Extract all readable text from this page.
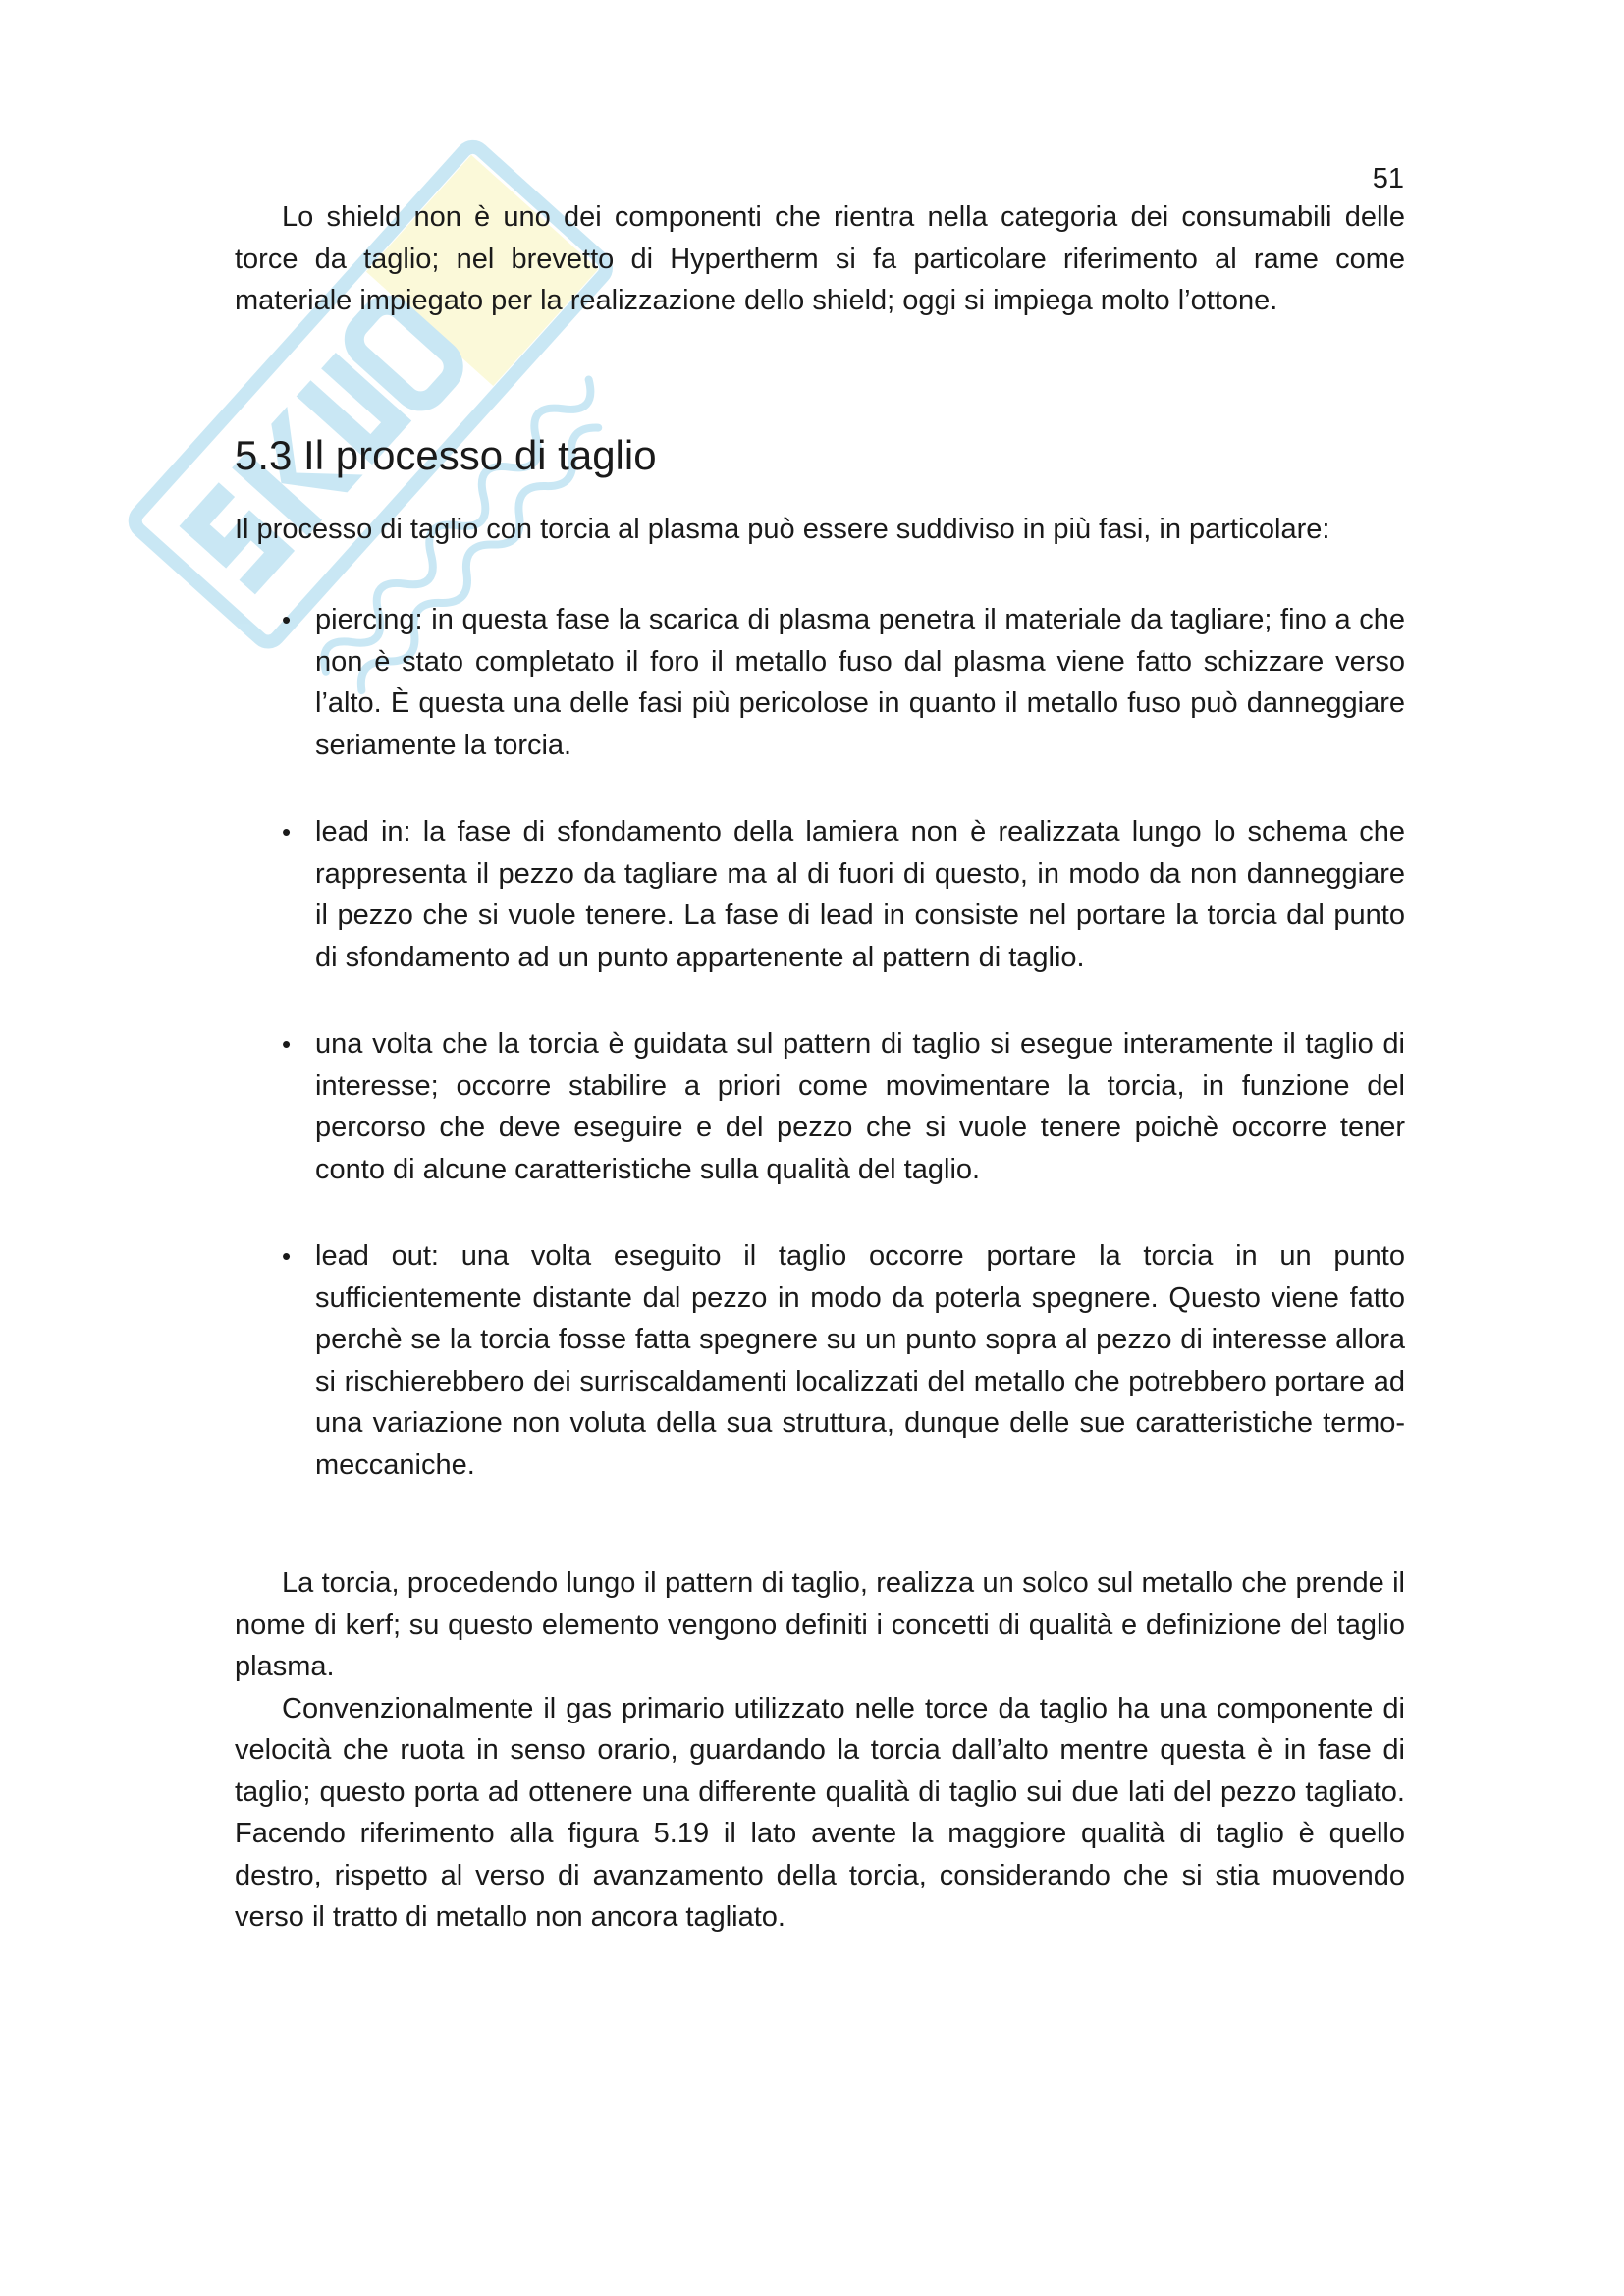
51

Lo shield non è uno dei componenti che rientra nella categoria dei consumabili delle torce da taglio; nel brevetto di Hypertherm si fa particolare riferimento al rame come materiale impiegato per la realizzazione dello shield; oggi si impiega molto l’ottone.

5.3 Il processo di taglio

Il processo di taglio con torcia al plasma può essere suddiviso in più fasi, in particolare:

• piercing: in questa fase la scarica di plasma penetra il materiale da tagliare; fino a che non è stato completato il foro il metallo fuso dal plasma viene fatto schizzare verso l’alto. È questa una delle fasi più pericolose in quanto il metallo fuso può danneggiare seriamente la torcia.
• lead in: la fase di sfondamento della lamiera non è realizzata lungo lo schema che rappresenta il pezzo da tagliare ma al di fuori di questo, in modo da non danneggiare il pezzo che si vuole tenere. La fase di lead in consiste nel portare la torcia dal punto di sfondamento ad un punto appartenente al pattern di taglio.
• una volta che la torcia è guidata sul pattern di taglio si esegue interamente il taglio di interesse; occorre stabilire a priori come movimentare la torcia, in funzione del percorso che deve eseguire e del pezzo che si vuole tenere poichè occorre tener conto di alcune caratteristiche sulla qualità del taglio.
• lead out: una volta eseguito il taglio occorre portare la torcia in un punto sufficientemente distante dal pezzo in modo da poterla spegnere. Questo viene fatto perchè se la torcia fosse fatta spegnere su un punto sopra al pezzo di interesse allora si rischierebbero dei surriscaldamenti localizzati del metallo che potrebbero portare ad una variazione non voluta della sua struttura, dunque delle sue caratteristiche termo-meccaniche.

La torcia, procedendo lungo il pattern di taglio, realizza un solco sul metallo che prende il nome di kerf; su questo elemento vengono definiti i concetti di qualità e definizione del taglio plasma.

Convenzionalmente il gas primario utilizzato nelle torce da taglio ha una componente di velocità che ruota in senso orario, guardando la torcia dall’alto mentre questa è in fase di taglio; questo porta ad ottenere una differente qualità di taglio sui due lati del pezzo tagliato. Facendo riferimento alla figura 5.19 il lato avente la maggiore qualità di taglio è quello destro, rispetto al verso di avanzamento della torcia, considerando che si stia muovendo verso il tratto di metallo non ancora tagliato.
